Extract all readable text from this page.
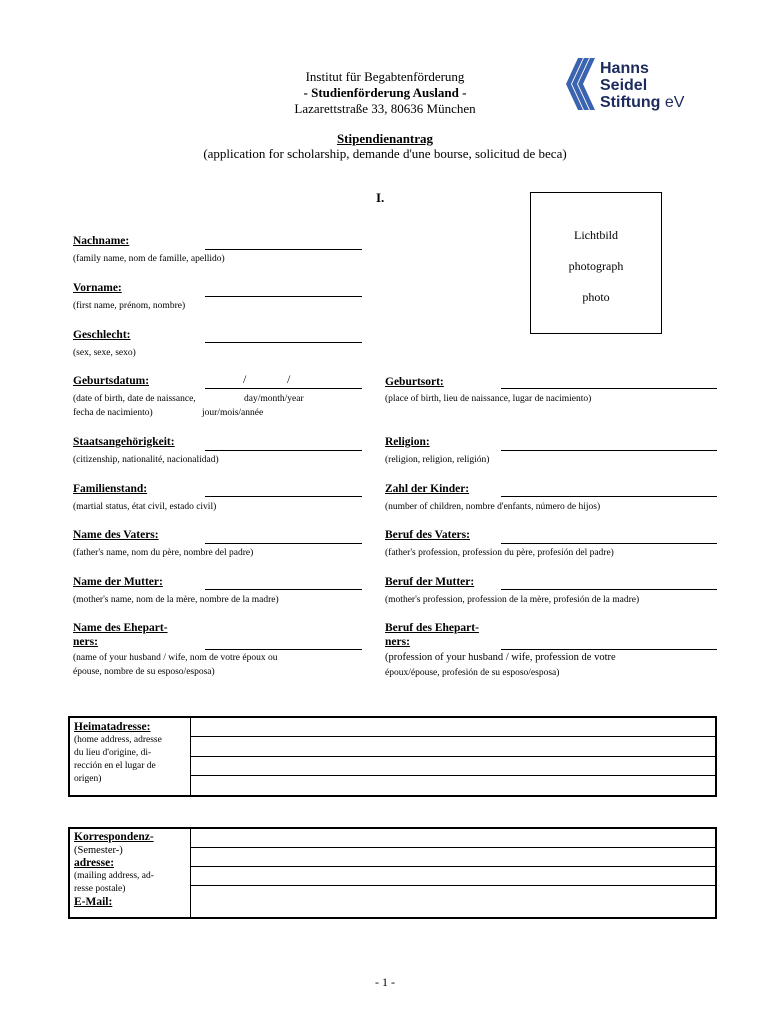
Institut für Begabtenförderung
- Studienförderung Ausland -
Lazarettstraße 33, 80636 München
Stipendienantrag
(application for scholarship, demande d'une bourse, solicitud de beca)
Hanns
Seidel
Stiftung eV
I.
Lichtbild
photograph
photo
Nachname:
(family name, nom de famille, apellido)
Vorname:
(first name, prénom, nombre)
Geschlecht:
(sex, sexe, sexo)
Geburtsdatum:	/	/
(date of birth, date de naissance,	day/month/year
fecha de nacimiento)	jour/mois/année
Staatsangehörigkeit:
(citizenship, nationalité, nacionalidad)
Familienstand:
(martial status, état civil, estado civil)
Name des Vaters:
(father's name, nom du père, nombre del padre)
Name der Mutter:
(mother's name, nom de la mère, nombre de la madre)
Name des Ehepart-
ners:
(name of your husband / wife, nom de votre époux ou
épouse, nombre de su esposo/esposa)
Geburtsort:
(place of birth, lieu de naissance, lugar de nacimiento)
Religion:
(religion, religion, religión)
Zahl der Kinder:
(number of children, nombre d'enfants, número de hijos)
Beruf des Vaters:
(father's profession, profession du père, profesión del padre)
Beruf der Mutter:
(mother's profession, profession de la mère, profesión de la madre)
Beruf des Ehepart-
ners:
(profession of your husband / wife, profession de votre
époux/épouse, profesión de su esposo/esposa)
Heimatadresse:
(home address, adresse
du lieu d'origine, di-
rección en el lugar de
origen)
Korrespondenz-
(Semester-)
adresse:
(mailing address, ad-
resse postale)
E-Mail:
- 1 -
